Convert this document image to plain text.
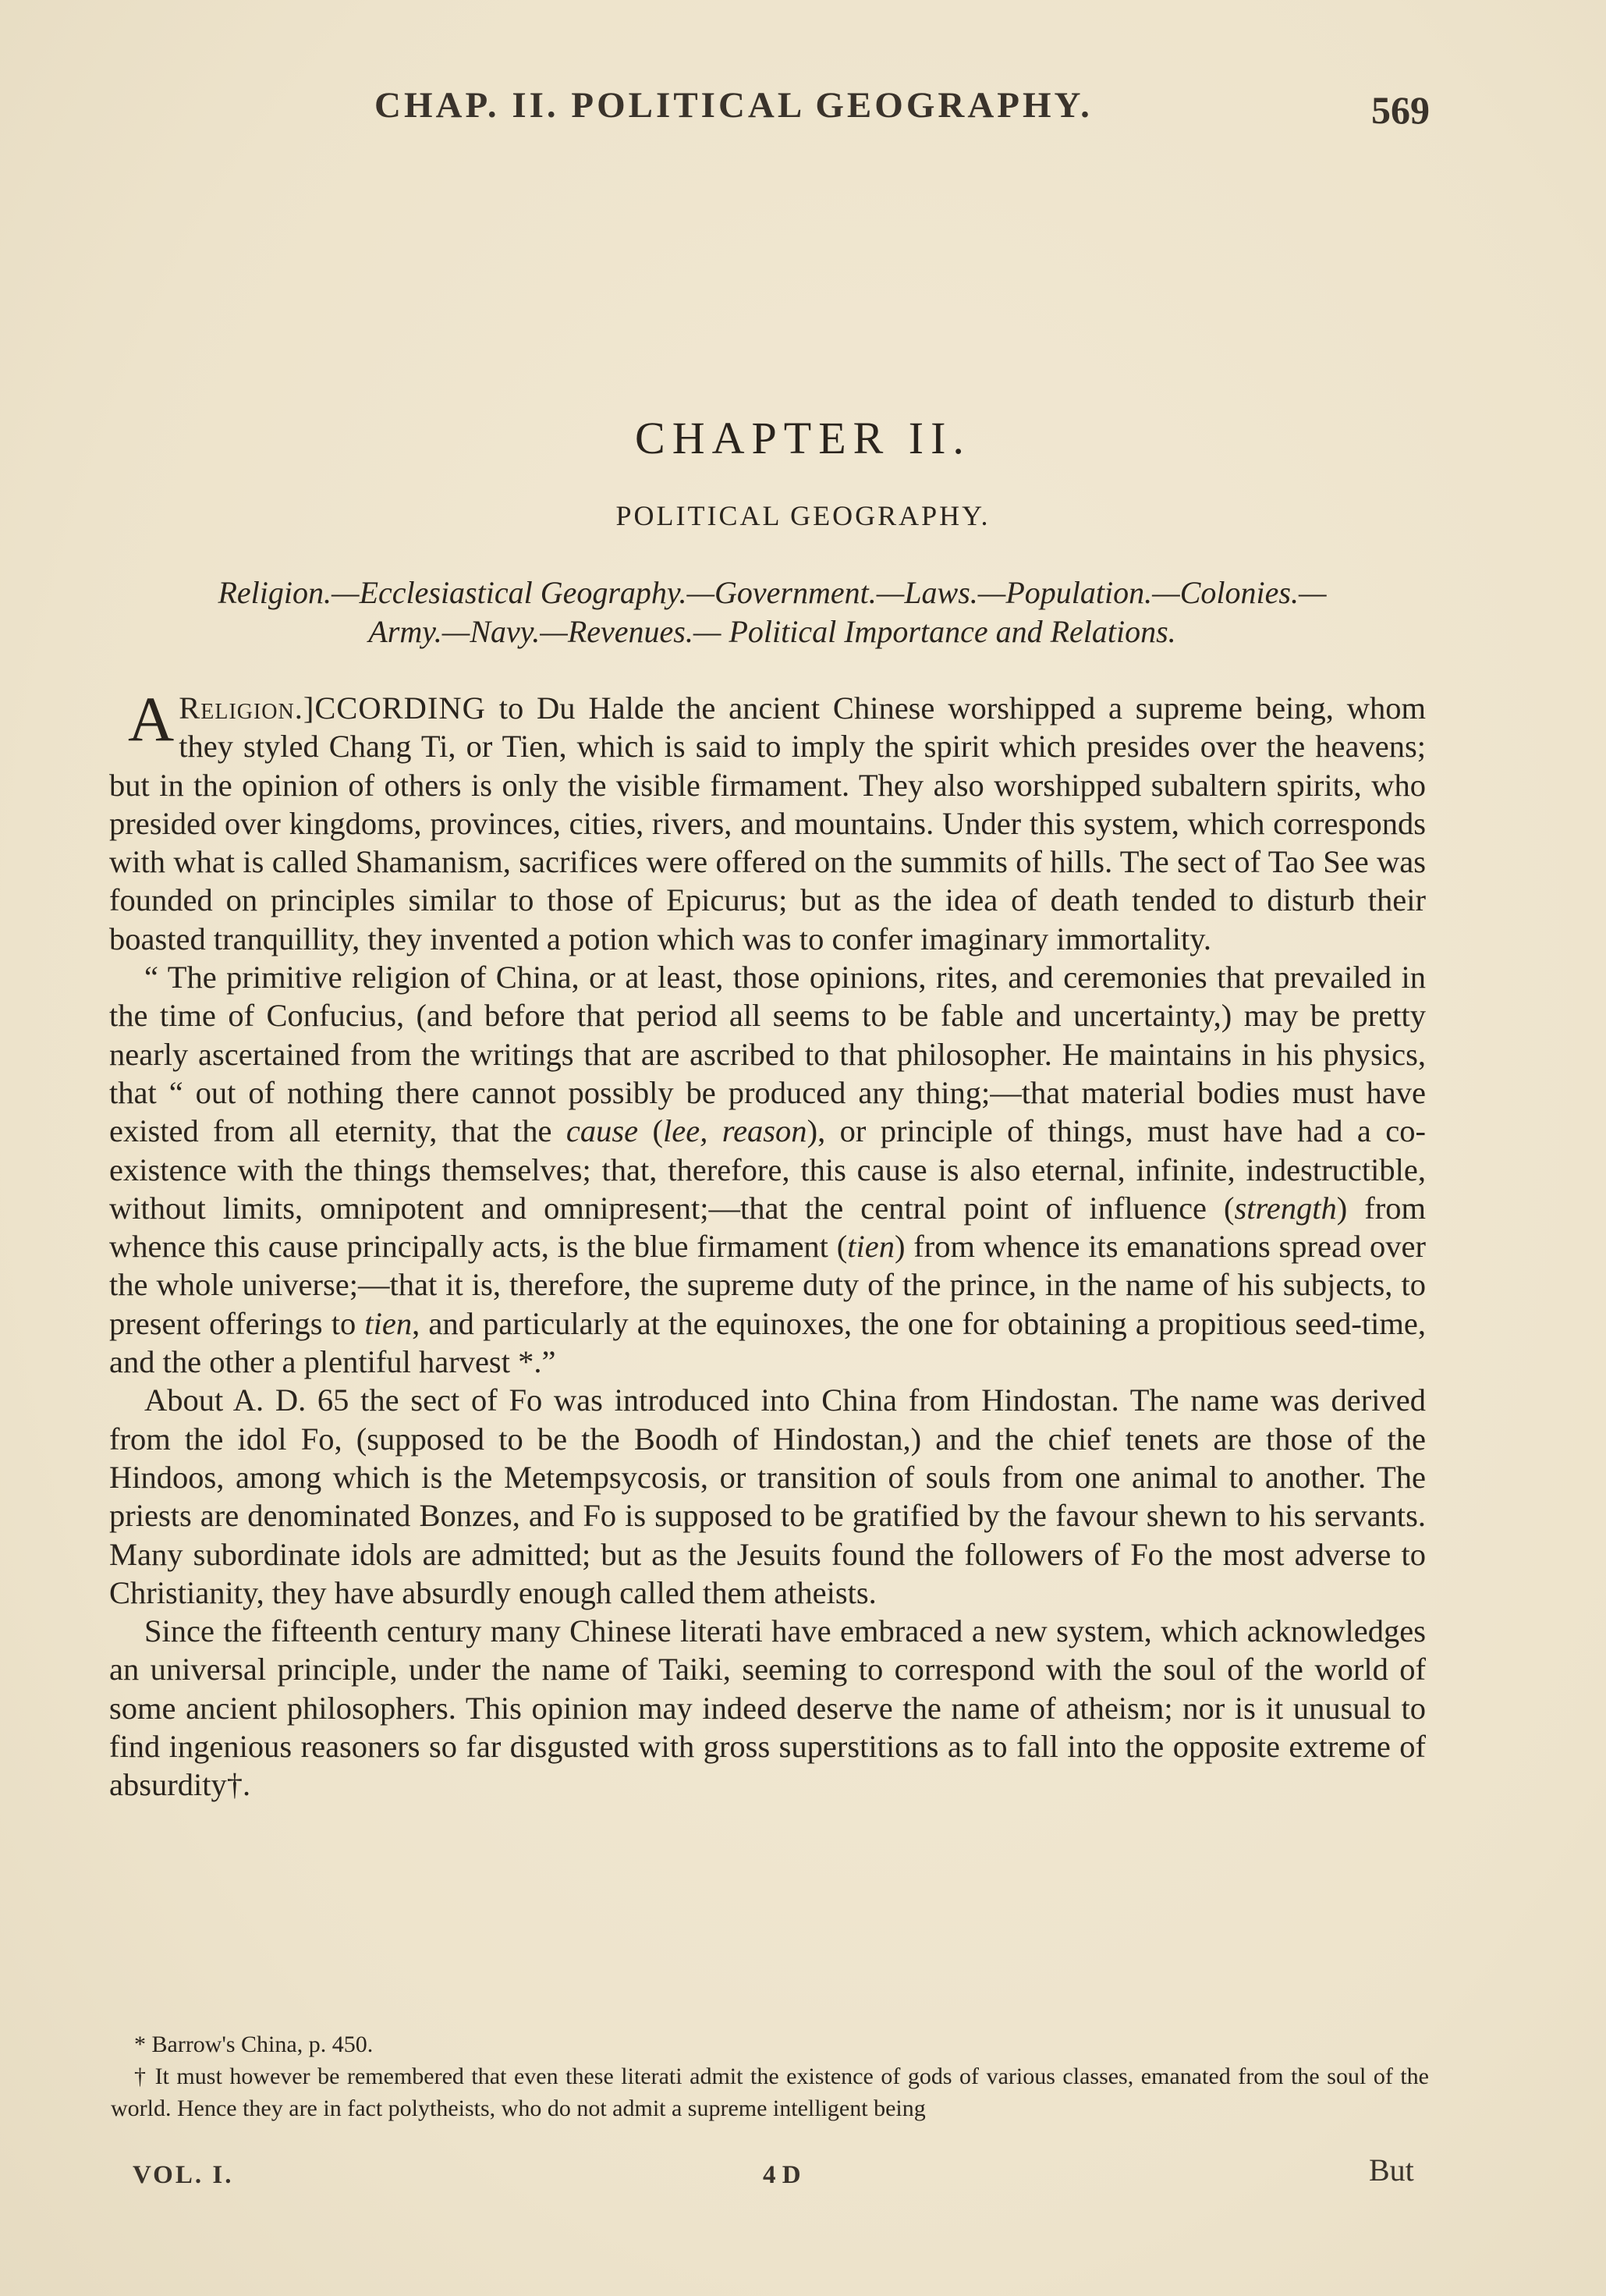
CHAP. II. POLITICAL GEOGRAPHY.	569
CHAPTER II.
POLITICAL GEOGRAPHY.
Religion.—Ecclesiastical Geography.—Government.—Laws.—Population.—Colonies.—
Army.—Navy.—Revenues.— Political Importance and Relations.

Religion.]
A	CCORDING to Du Halde the ancient Chinese worshipped a supreme being, whom they styled Chang Ti, or Tien, which is said to imply the spirit which presides over the heavens; but in the opinion of others is only the visible firmament. They also worshipped subaltern spirits, who presided over kingdoms, provinces, cities, rivers, and mountains. Under this system, which corresponds with what is called Shamanism, sacrifices were offered on the summits of hills. The sect of Tao See was founded on principles similar to those of Epicurus; but as the idea of death tended to disturb their boasted tranquillity, they invented a potion which was to confer imaginary immortality.

“ The primitive religion of China, or at least, those opinions, rites, and ceremonies that prevailed in the time of Confucius, (and before that period all seems to be fable and uncertainty,) may be pretty nearly ascertained from the writings that are ascribed to that philosopher. He maintains in his physics, that “ out of nothing there cannot possibly be produced any thing;—that material bodies must have existed from all eternity, that the cause (lee, reason), or principle of things, must have had a co-existence with the things themselves; that, therefore, this cause is also eternal, infinite, indestructible, without limits, omnipotent and omnipresent;—that the central point of influence (strength) from whence this cause principally acts, is the blue firmament (tien) from whence its emanations spread over the whole universe;—that it is, therefore, the supreme duty of the prince, in the name of his subjects, to present offerings to tien, and particularly at the equinoxes, the one for obtaining a propitious seed-time, and the other a plentiful harvest *.”

About A. D. 65 the sect of Fo was introduced into China from Hindostan. The name was derived from the idol Fo, (supposed to be the Boodh of Hindostan,) and the chief tenets are those of the Hindoos, among which is the Metempsycosis, or transition of souls from one animal to another. The priests are denominated Bonzes, and Fo is supposed to be gratified by the favour shewn to his servants. Many subordinate idols are admitted; but as the Jesuits found the followers of Fo the most adverse to Christianity, they have absurdly enough called them atheists.

Since the fifteenth century many Chinese literati have embraced a new system, which acknowledges an universal principle, under the name of Taiki, seeming to correspond with the soul of the world of some ancient philosophers. This opinion may indeed deserve the name of atheism; nor is it unusual to find ingenious reasoners so far disgusted with gross superstitions as to fall into the opposite extreme of absurdity†.

* Barrow's China, p. 450.

† It must however be remembered that even these literati admit the existence of gods of various classes, emanated from the soul of the world. Hence they are in fact polytheists, who do not admit a supreme intelligent being

VOL. I.	4 D	But
